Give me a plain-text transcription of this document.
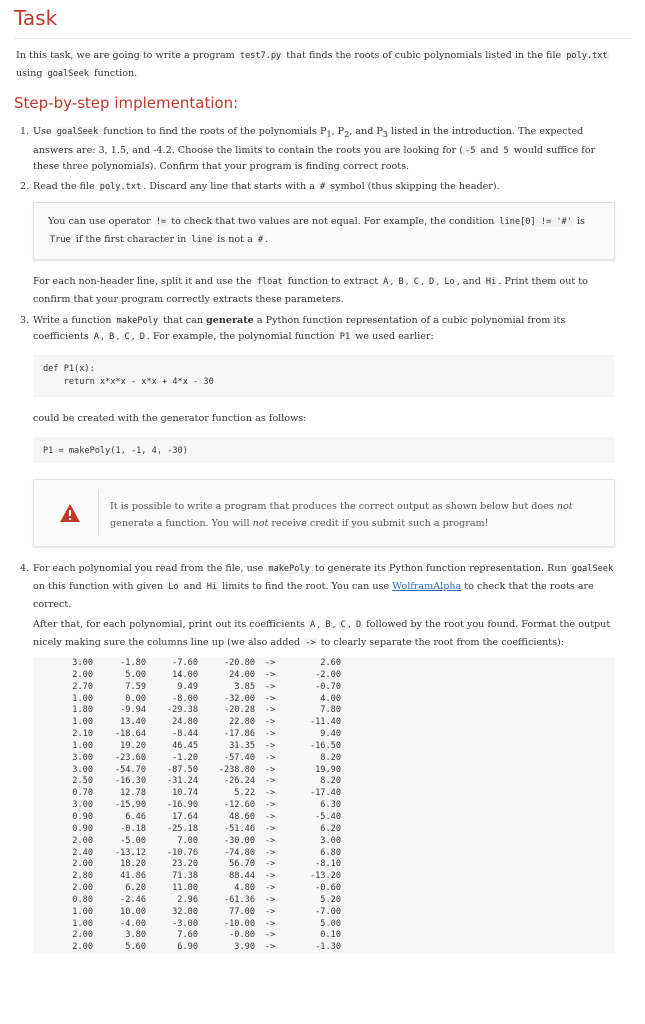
Task

In this task, we are going to write a program test7.py that finds the roots of cubic polynomials listed in the file poly.txt using goalSeek function.

Step-by-step implementation:
1. Use goalSeek function to find the roots of the polynomials $P_1$, $P_2$, and $P_3$ listed in the introduction. The expected answers are: 3, 1.5, and -4.2. Choose the limits to contain the roots you are looking for ( -5 and 5 would suffice for these three polynomials). Confirm that your program is finding correct roots.
2. Read the file poly.txt . Discard any line that starts with a # symbol (thus skipping the header).
You can use operator != to check that two values are not equal. For example, the condition line[0] != '#' is True if the first character in line is not a # .

For each non-header line, split it and use the float function to extract A , B , C , D , Lo , and Hi . Print them out to confirm that your program correctly extracts these parameters.

3. Write a function makePoly that can generate a Python function representation of a cubic polynomial from its coefficients A , B , C , D . For example, the polynomial function P1 we used earlier:
def P1(x):
return x*x*x - x*x + 4*x - 30

could be created with the generator function as follows:

P1 = makePoly(1, -1, 4, -30)
It is possible to write a program that produces the correct output as shown below but does not generate a function. You will not receive credit if you submit such a program!
4. For each polynomial you read from the file, use makePoly to generate its Python function representation. Run goalSeek on this function with given Lo and Hi limits to find the root. You can use WolframAlpha to check that the roots are correct.

After that, for each polynomial, print out its coefficients A , B , C , D followed by the root you found. Format the output nicely making sure the columns line up (we also added -> to clearly separate the root from the coefficients):

3.00	-1.80	-7.60	-20.80	->	2.60	
2.00	5.00	14.00	24.00	->	-2.00	
2.70	7.59	9.49	3.85	->	-0.70	
1.00	0.00	-8.00	-32.00	->	4.00	
1.80	-9.94	-29.38	-20.28	->	7.80	
1.00	13.40	24.80	22.80	->	-11.40	
2.10	-18.64	-8.44	-17.86	->	9.40	
1.00	19.20	46.45	31.35	->	-16.50	
3.00	-23.60	-1.20	-57.40	->	8.20	
3.00	-54.70	-87.50	-238.80	->	19.90	
2.50	-16.30	-31.24	-26.24	->	8.20	
0.70	12.78	10.74	5.22	->	-17.40	
3.00	-15.90	-16.90	-12.60	->	6.30	
0.90	6.46	17.64	48.60	->	-5.40	
0.90	-0.18	-25.18	-51.46	->	6.20	
2.00	-5.00	7.00	-30.00	->	3.00	
2.40	-13.12	-10.76	-74.80	->	6.80	
2.00	18.20	23.20	56.70	->	-8.10	
2.80	41.86	71.38	88.44	->	-13.20	
2.00	6.20	11.00	4.80	->	-0.60	
0.80	-2.46	2.96	-61.36	->	5.20	
1.00	10.00	32.00	77.00	->	-7.00	
1.00	-4.00	-3.00	-10.00	->	5.00	
2.00	3.80	7.60	-0.80	->	0.10	
2.00	5.60	6.90	3.90	->	-1.30	
